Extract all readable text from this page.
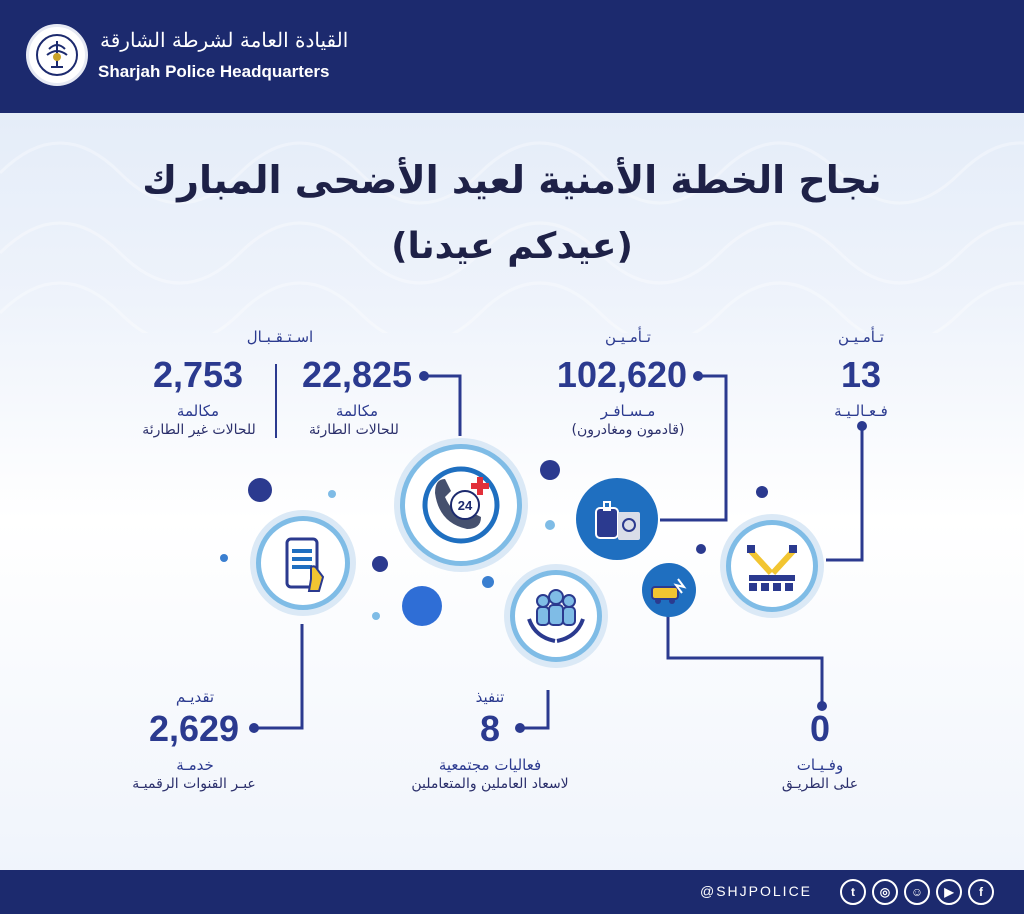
القيادة العامة لشرطة الشارقة
Sharjah Police Headquarters
نجاح الخطة الأمنية لعيد الأضحى المبارك
(عيدكم عيدنا)
24
اسـتـقـبـال
22,825
مكالمة
للحالات الطارئة
2,753
مكالمة
للحالات غير الطارئة
تـأمـيـن
102,620
مـسـافـر
(قادمون ومغادرون)
تـأمـيـن
13
فـعـالـيـة
تقديـم
2,629
خدمـة
عبـر القنوات الرقميـة
تنفيذ
8
فعاليات مجتمعية
لاسعاد العاملين والمتعاملين
0
وفـيـات
على الطريـق
@SHJPOLICE	t	◎	☺	▶	f
